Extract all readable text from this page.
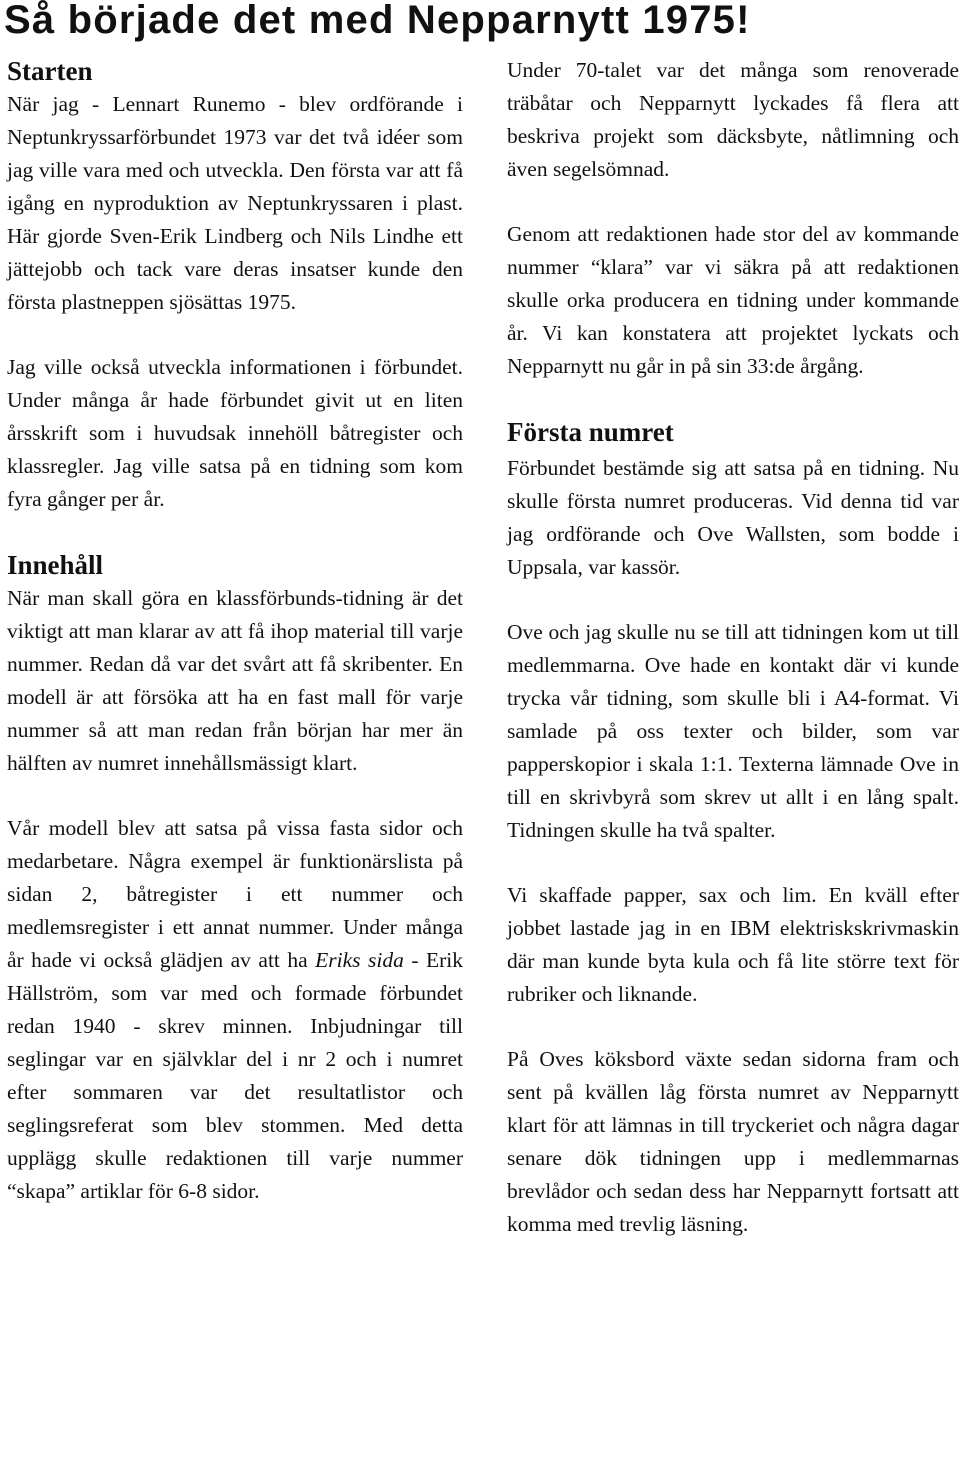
Så började det med Nepparnytt 1975!
Starten

När jag - Lennart Runemo - blev ordförande i Neptunkryssarförbundet 1973 var det två idéer som jag ville vara med och utveckla. Den första var att få igång en nyproduktion av Neptunkryssaren i plast. Här gjorde Sven-Erik Lindberg och Nils Lindhe ett jättejobb och tack vare deras insatser kunde den första plastneppen sjösättas 1975.

Jag ville också utveckla informationen i förbundet. Under många år hade förbundet givit ut en liten årsskrift som i huvudsak innehöll båtregister och klassregler. Jag ville satsa på en tidning som kom fyra gånger per år.

Innehåll

När man skall göra en klassförbunds-tidning är det viktigt att man klarar av att få ihop material till varje nummer. Redan då var det svårt att få skribenter. En modell är att försöka att ha en fast mall för varje nummer så att man redan från början har mer än hälften av numret innehållsmässigt klart.

Vår modell blev att satsa på vissa fasta sidor och medarbetare. Några exempel är funktionärslista på sidan 2, båtregister i ett nummer och medlemsregister i ett annat nummer. Under många år hade vi också glädjen av att ha Eriks sida - Erik Hällström, som var med och formade förbundet redan 1940 - skrev minnen. Inbjudningar till seglingar var en självklar del i nr 2 och i numret efter sommaren var det resultatlistor och seglingsreferat som blev stommen. Med detta upplägg skulle redaktionen till varje nummer “skapa” artiklar för 6-8 sidor.

Under 70-talet var det många som renoverade träbåtar och Nepparnytt lyckades få flera att beskriva projekt som däcksbyte, nåtlimning och även segelsömnad.

Genom att redaktionen hade stor del av kommande nummer “klara” var vi säkra på att redaktionen skulle orka producera en tidning under kommande år. Vi kan konstatera att projektet lyckats och Nepparnytt nu går in på sin 33:de årgång.

Första numret

Förbundet bestämde sig att satsa på en tidning. Nu skulle första numret produceras. Vid denna tid var jag ordförande och Ove Wallsten, som bodde i Uppsala, var kassör.

Ove och jag skulle nu se till att tidningen kom ut till medlemmarna. Ove hade en kontakt där vi kunde trycka vår tidning, som skulle bli i A4-format. Vi samlade på oss texter och bilder, som var papperskopior i skala 1:1. Texterna lämnade Ove in till en skrivbyrå som skrev ut allt i en lång spalt. Tidningen skulle ha två spalter.

Vi skaffade papper, sax och lim. En kväll efter jobbet lastade jag in en IBM elektriskskrivmaskin där man kunde byta kula och få lite större text för rubriker och liknande.

På Oves köksbord växte sedan sidorna fram och sent på kvällen låg första numret av Nepparnytt klart för att lämnas in till tryckeriet och några dagar senare dök tidningen upp i medlemmarnas brevlådor och sedan dess har Nepparnytt fortsatt att komma med trevlig läsning.
